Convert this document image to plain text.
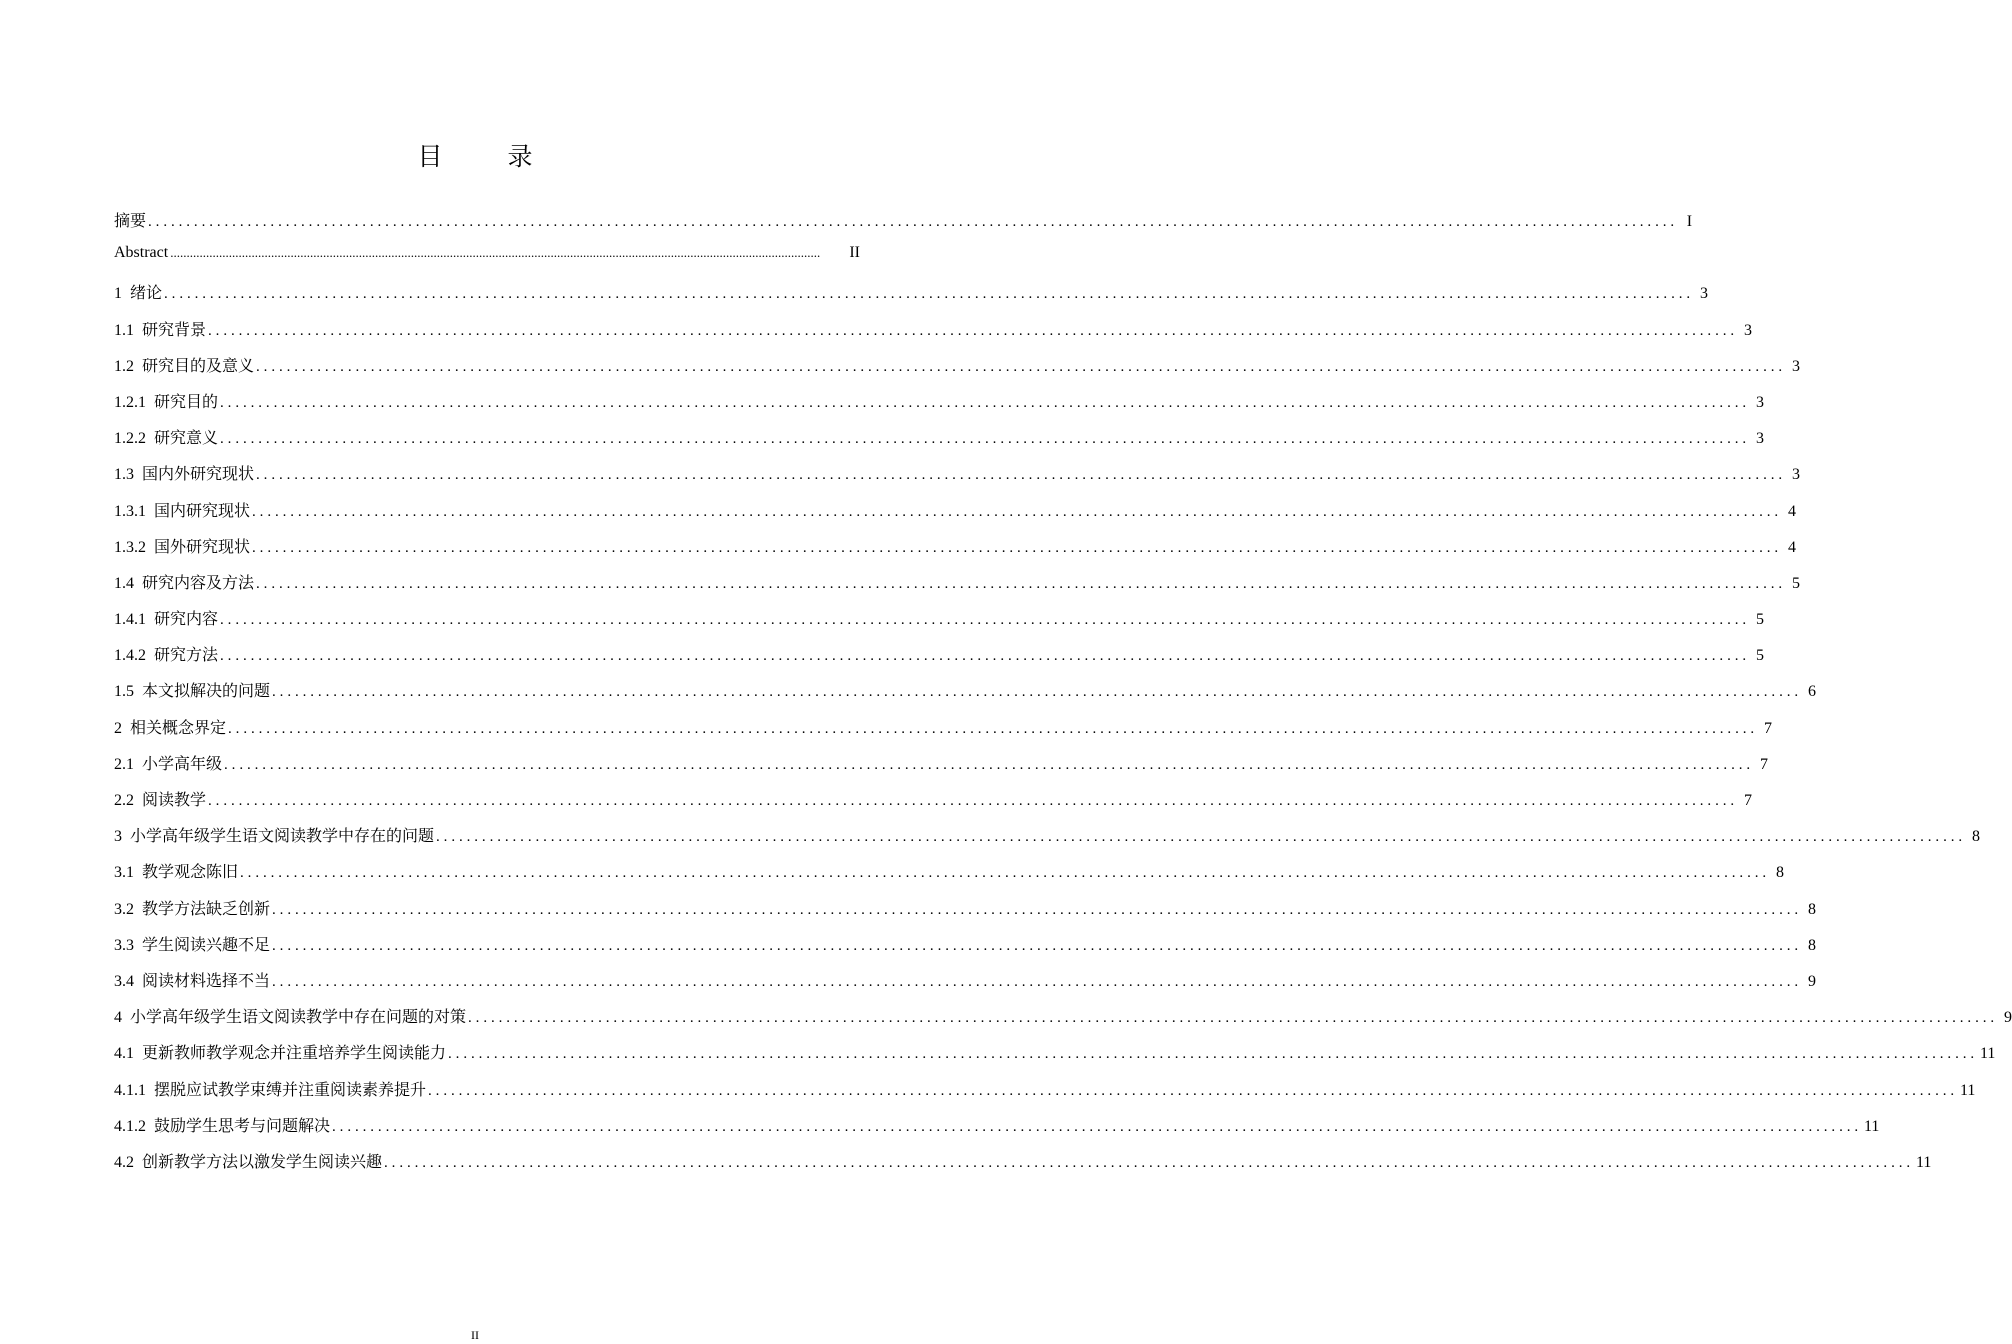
目　录
摘要 ........................................................................................................................................................................................................ I
Abstract ........................................................................................................................................................................................................	II
1 绪论 ........................................................................................................................................................................................................ 3
1.1 研究背景 ........................................................................................................................................................................................................ 3
1.2 研究目的及意义 ........................................................................................................................................................................................................ 3
1.2.1 研究目的 ........................................................................................................................................................................................................ 3
1.2.2 研究意义 ........................................................................................................................................................................................................ 3
1.3 国内外研究现状 ........................................................................................................................................................................................................ 3
1.3.1 国内研究现状 ........................................................................................................................................................................................................ 4
1.3.2 国外研究现状 ........................................................................................................................................................................................................ 4
1.4 研究内容及方法 ........................................................................................................................................................................................................ 5
1.4.1 研究内容 ........................................................................................................................................................................................................ 5
1.4.2 研究方法 ........................................................................................................................................................................................................ 5
1.5 本文拟解决的问题 ........................................................................................................................................................................................................ 6
2 相关概念界定 ........................................................................................................................................................................................................ 7
2.1 小学高年级 ........................................................................................................................................................................................................ 7
2.2 阅读教学 ........................................................................................................................................................................................................ 7
3 小学高年级学生语文阅读教学中存在的问题 ........................................................................................................................................................................................................ 8
3.1 教学观念陈旧 ........................................................................................................................................................................................................ 8
3.2 教学方法缺乏创新 ........................................................................................................................................................................................................ 8
3.3 学生阅读兴趣不足 ........................................................................................................................................................................................................ 8
3.4 阅读材料选择不当 ........................................................................................................................................................................................................ 9
4 小学高年级学生语文阅读教学中存在问题的对策 ........................................................................................................................................................................................................ 9
4.1 更新教师教学观念并注重培养学生阅读能力 ........................................................................................................................................................................................................ 11
4.1.1 摆脱应试教学束缚并注重阅读素养提升 ........................................................................................................................................................................................................ 11
4.1.2 鼓励学生思考与问题解决 ........................................................................................................................................................................................................ 11
4.2 创新教学方法以激发学生阅读兴趣 ........................................................................................................................................................................................................ 11
II
